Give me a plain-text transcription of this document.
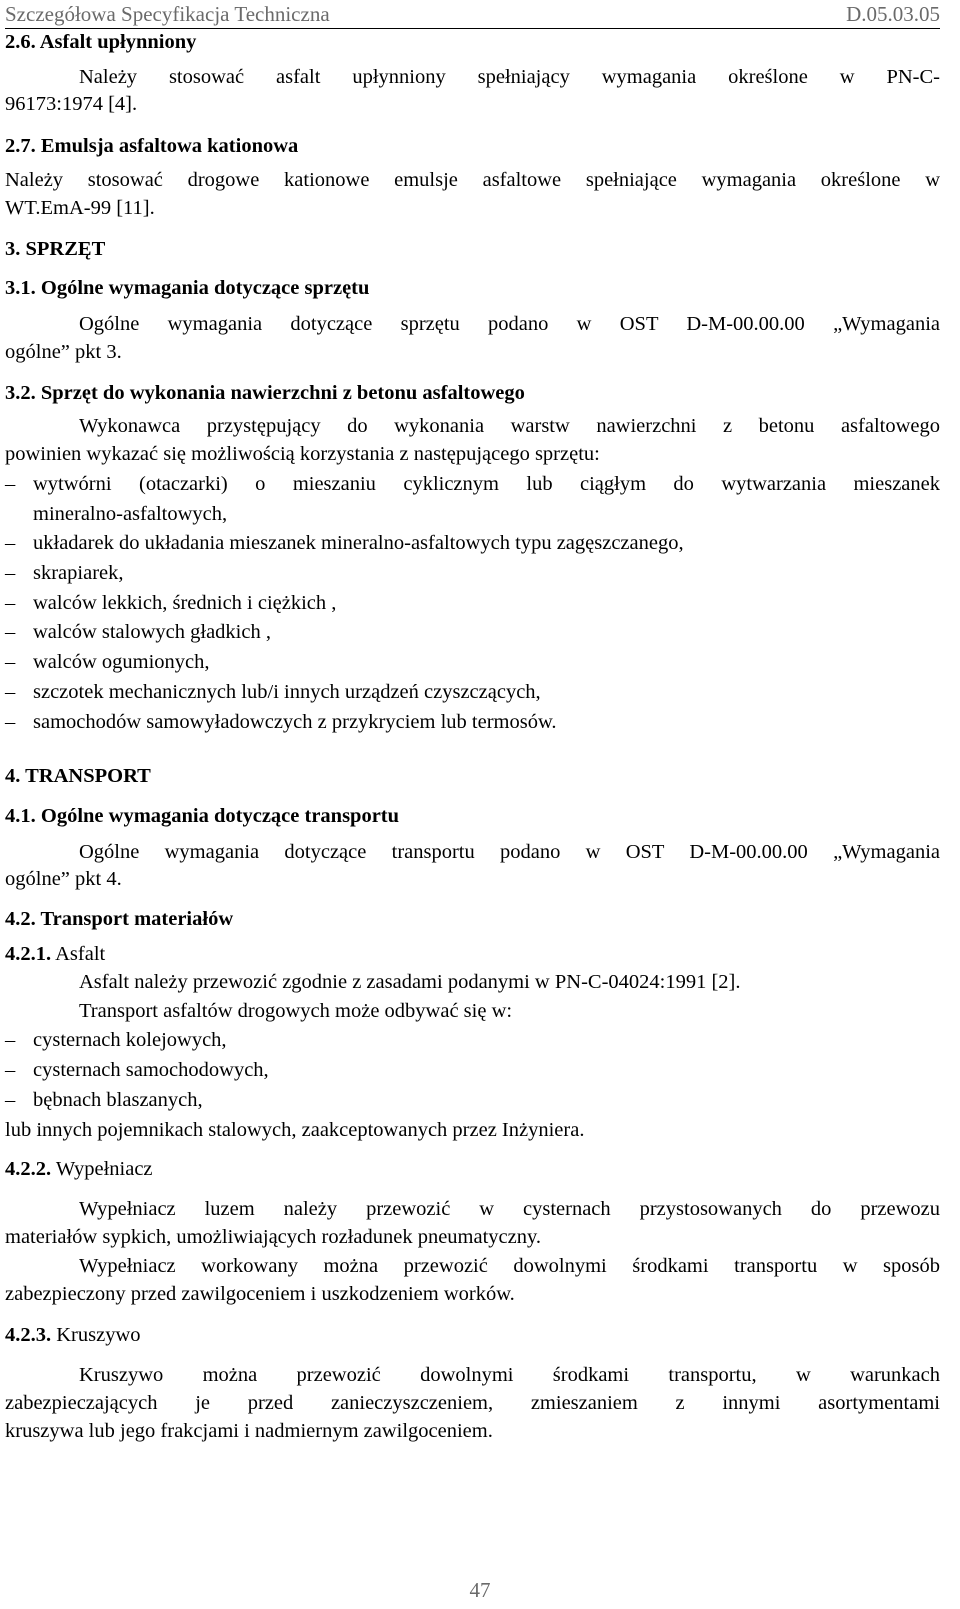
Szczegółowa Specyfikacja Techniczna	D.05.03.05
2.6. Asfalt upłynniony
Należy stosować asfalt upłynniony spełniający wymagania określone w PN-C-
96173:1974 [4].
2.7. Emulsja asfaltowa kationowa
Należy stosować drogowe kationowe emulsje asfaltowe spełniające wymagania określone w
WT.EmA-99 [11].
3. SPRZĘT
3.1. Ogólne wymagania dotyczące sprzętu
Ogólne wymagania dotyczące sprzętu podano w OST D-M-00.00.00 „Wymagania
ogólne” pkt 3.
3.2. Sprzęt do wykonania nawierzchni z betonu asfaltowego
Wykonawca przystępujący do wykonania warstw nawierzchni z betonu asfaltowego
powinien wykazać się możliwością korzystania z następującego sprzętu:
– wytwórni (otaczarki) o mieszaniu cyklicznym lub ciągłym do wytwarzania mieszanek
mineralno-asfaltowych,
– układarek do układania mieszanek mineralno-asfaltowych typu zagęszczanego,
– skrapiarek,
– walców lekkich, średnich i ciężkich ,
– walców stalowych gładkich ,
– walców ogumionych,
– szczotek mechanicznych lub/i innych urządzeń czyszczących,
– samochodów samowyładowczych z przykryciem lub termosów.
4. TRANSPORT
4.1. Ogólne wymagania dotyczące transportu
Ogólne wymagania dotyczące transportu podano w OST D-M-00.00.00 „Wymagania
ogólne” pkt 4.
4.2. Transport materiałów
4.2.1. Asfalt
Asfalt należy przewozić zgodnie z zasadami podanymi w PN-C-04024:1991 [2].
Transport asfaltów drogowych może odbywać się w:
– cysternach kolejowych,
– cysternach samochodowych,
– bębnach blaszanych,
lub innych pojemnikach stalowych, zaakceptowanych przez Inżyniera.
4.2.2. Wypełniacz
Wypełniacz luzem należy przewozić w cysternach przystosowanych do przewozu
materiałów sypkich, umożliwiających rozładunek pneumatyczny.
Wypełniacz workowany można przewozić dowolnymi środkami transportu w sposób
zabezpieczony przed zawilgoceniem i uszkodzeniem worków.
4.2.3. Kruszywo
Kruszywo można przewozić dowolnymi środkami transportu, w warunkach
zabezpieczających je przed zanieczyszczeniem, zmieszaniem z innymi asortymentami
kruszywa lub jego frakcjami i nadmiernym zawilgoceniem.
47
